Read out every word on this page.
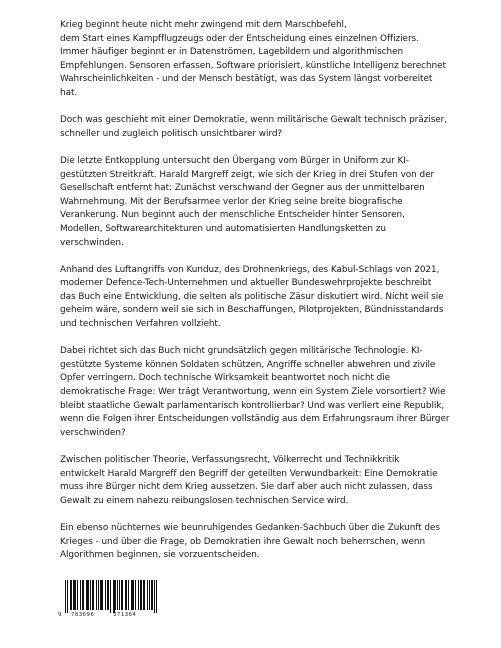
Krieg beginnt heute nicht mehr zwingend mit dem Marschbefehl,
dem Start eines Kampfflugzeugs oder der Entscheidung eines einzelnen Offiziers.
Immer häufiger beginnt er in Datenströmen, Lagebildern und algorithmischen
Empfehlungen. Sensoren erfassen, Software priorisiert, künstliche Intelligenz berechnet
Wahrscheinlichkeiten - und der Mensch bestätigt, was das System längst vorbereitet
hat.

Doch was geschieht mit einer Demokratie, wenn militärische Gewalt technisch präziser,
schneller und zugleich politisch unsichtbarer wird?

Die letzte Entkopplung untersucht den Übergang vom Bürger in Uniform zur KI-
gestützten Streitkraft. Harald Margreff zeigt, wie sich der Krieg in drei Stufen von der
Gesellschaft entfernt hat: Zunächst verschwand der Gegner aus der unmittelbaren
Wahrnehmung. Mit der Berufsarmee verlor der Krieg seine breite biografische
Verankerung. Nun beginnt auch der menschliche Entscheider hinter Sensoren,
Modellen, Softwarearchitekturen und automatisierten Handlungsketten zu
verschwinden.

Anhand des Luftangriffs von Kunduz, des Drohnenkriegs, des Kabul-Schlags von 2021,
moderner Defence-Tech-Unternehmen und aktueller Bundeswehrprojekte beschreibt
das Buch eine Entwicklung, die selten als politische Zäsur diskutiert wird. Nicht weil sie
geheim wäre, sondern weil sie sich in Beschaffungen, Pilotprojekten, Bündnisstandards
und technischen Verfahren vollzieht.

Dabei richtet sich das Buch nicht grundsätzlich gegen militärische Technologie. KI-
gestützte Systeme können Soldaten schützen, Angriffe schneller abwehren und zivile
Opfer verringern. Doch technische Wirksamkeit beantwortet noch nicht die
demokratische Frage: Wer trägt Verantwortung, wenn ein System Ziele vorsortiert? Wie
bleibt staatliche Gewalt parlamentarisch kontrollierbar? Und was verliert eine Republik,
wenn die Folgen ihrer Entscheidungen vollständig aus dem Erfahrungsraum ihrer Bürger
verschwinden?

Zwischen politischer Theorie, Verfassungsrecht, Völkerrecht und Technikkritik
entwickelt Harald Margreff den Begriff der geteilten Verwundbarkeit: Eine Demokratie
muss ihre Bürger nicht dem Krieg aussetzen. Sie darf aber auch nicht zulassen, dass
Gewalt zu einem nahezu reibungslosen technischen Service wird.

Ein ebenso nüchternes wie beunruhigendes Gedanken-Sachbuch über die Zukunft des
Krieges - und über die Frage, ob Demokratien ihre Gewalt noch beherrschen, wenn
Algorithmen beginnen, sie vorzuentscheiden.

9 783696	371364
